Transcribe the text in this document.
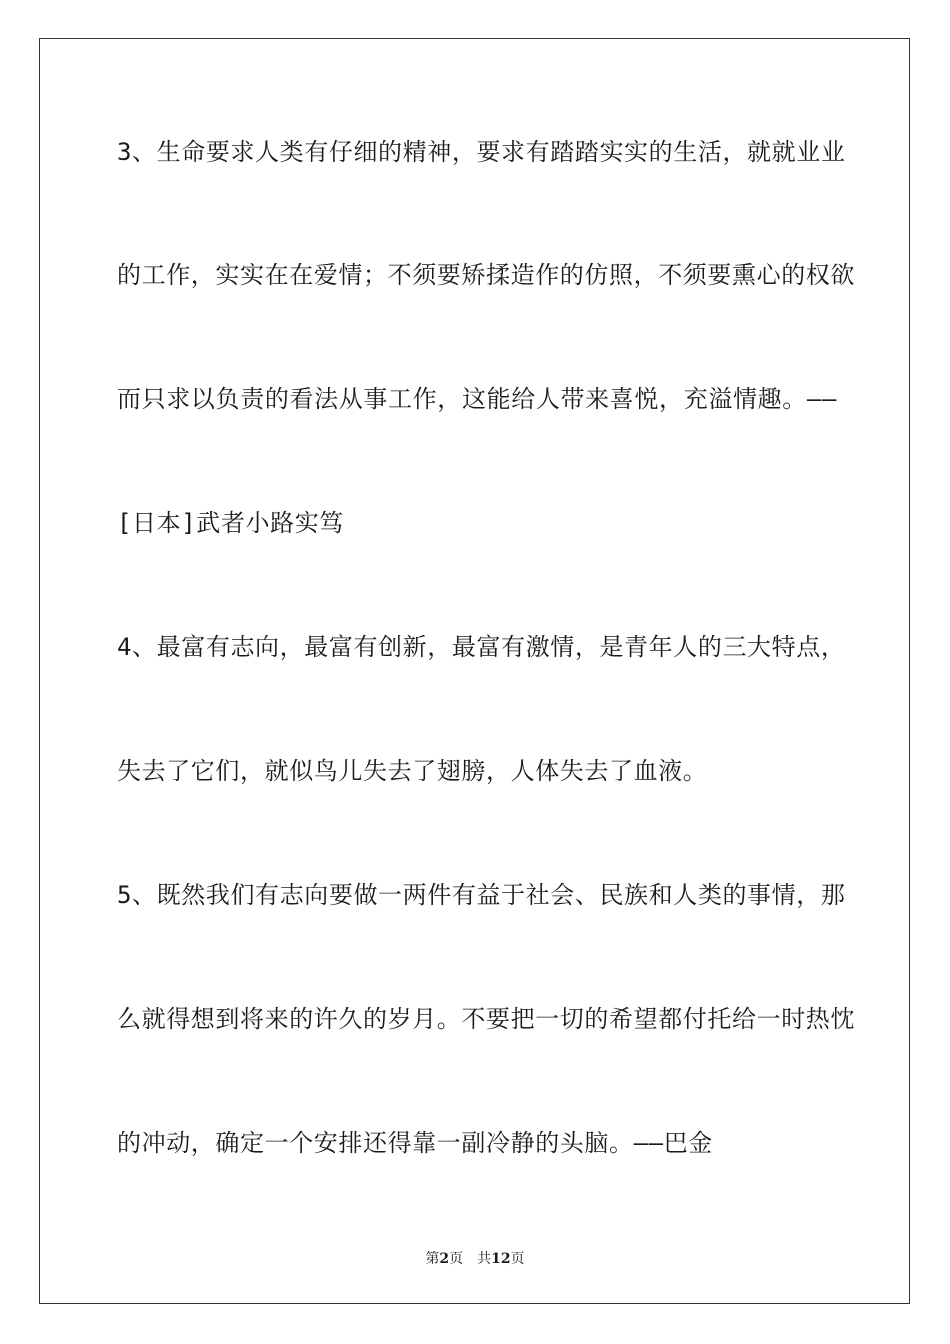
3、生命要求人类有仔细的精神，要求有踏踏实实的生活，就就业业
的工作，实实在在爱情；不须要矫揉造作的仿照，不须要熏心的权欲
而只求以负责的看法从事工作，这能给人带来喜悦，充溢情趣。——
[日本]武者小路实笃
4、最富有志向，最富有创新，最富有激情，是青年人的三大特点，
失去了它们，就似鸟儿失去了翅膀，人体失去了血液。
5、既然我们有志向要做一两件有益于社会、民族和人类的事情，那
么就得想到将来的许久的岁月。不要把一切的希望都付托给一时热忱
的冲动，确定一个安排还得靠一副冷静的头脑。——巴金
第2页 共12页
